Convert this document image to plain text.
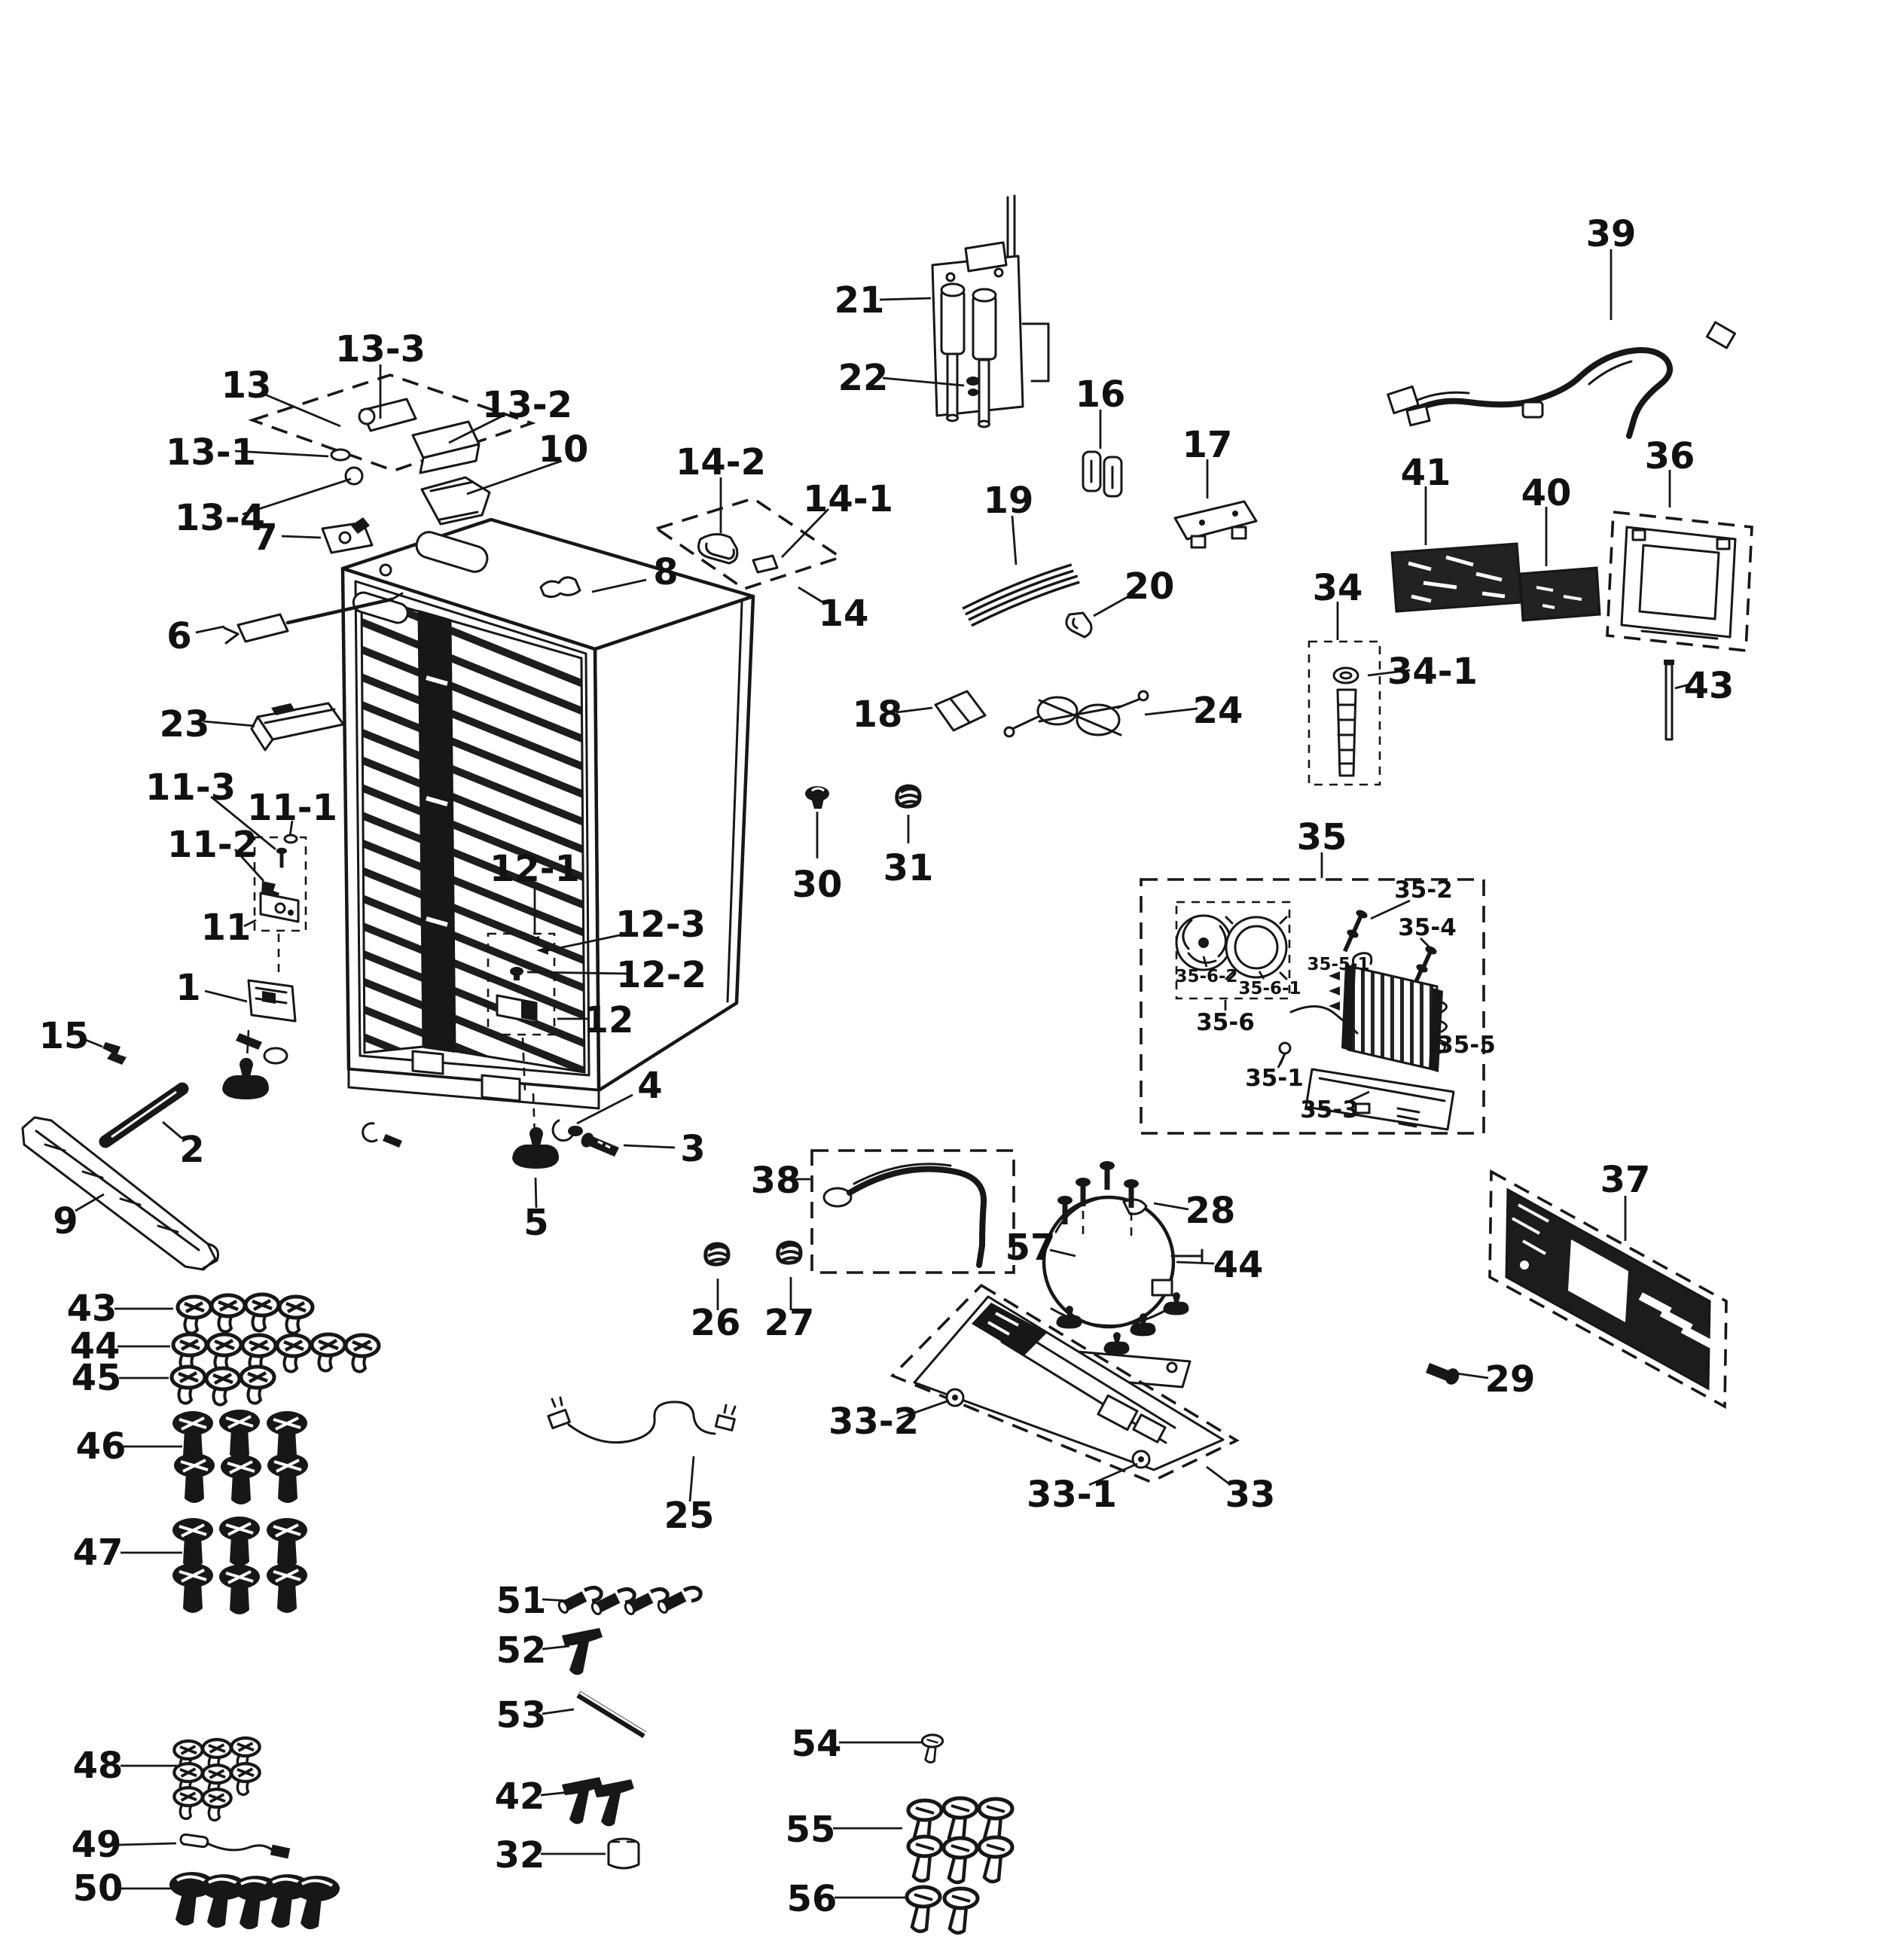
13
13-3
13-2
13-1
13-4
10
7
8
6
23
14-2
14-1
14
21
22	16
17
19
20
18	24
39
41 40
36
34
34-1	43
30 31
35
35-2
35-4
35-5-1
35-6-2
35-6-1
35-6
35-5
35-1
35-3
11-3 11-1
11-2
11
12-1
12-3
12-2
12
1
15
2
9	5
4
3
38
26 27
25
57
28
44
29
37
33-2
33-1	33
43
44
45
46
47
48
49
50
51
52
53
42
32
54
55
56
